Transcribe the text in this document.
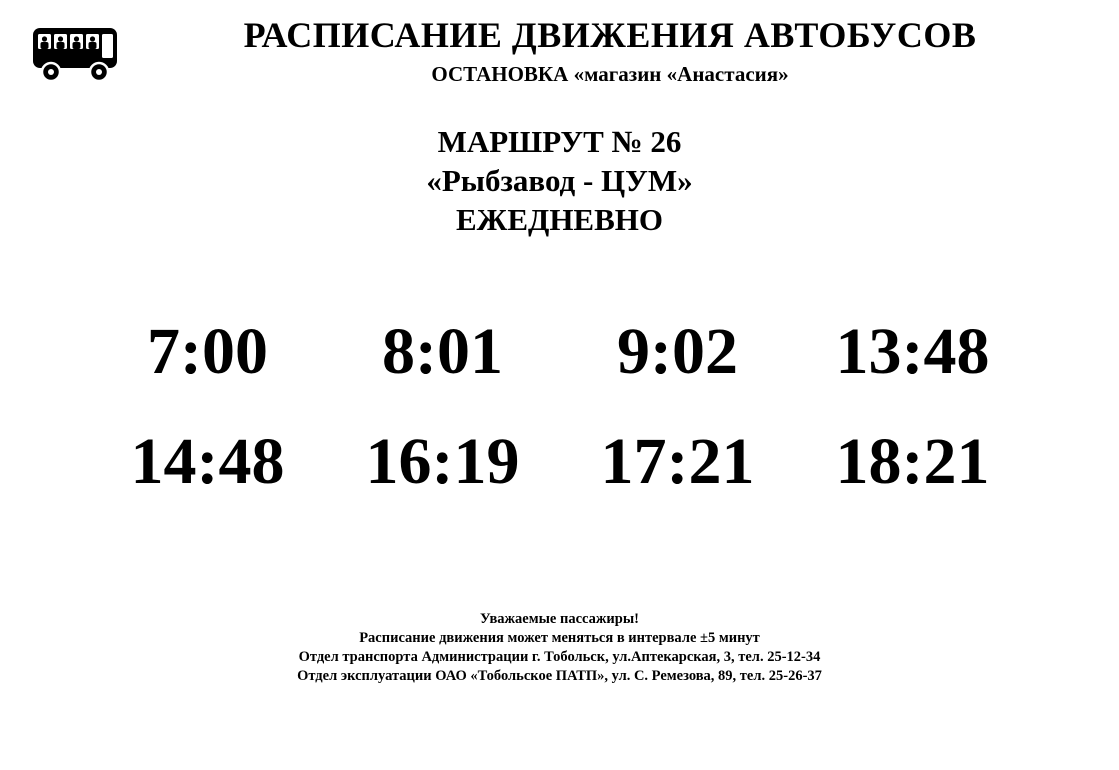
РАСПИСАНИЕ ДВИЖЕНИЯ АВТОБУСОВ
ОСТАНОВКА «магазин «Анастасия»
МАРШРУТ № 26
«Рыбзавод - ЦУМ»
ЕЖЕДНЕВНО
7:00	8:01	9:02	13:48
14:48	16:19	17:21	18:21
Уважаемые пассажиры!
Расписание движения может меняться в интервале ±5 минут
Отдел транспорта Администрации г. Тобольск, ул.Аптекарская, 3, тел. 25-12-34
Отдел эксплуатации ОАО «Тобольское ПАТП», ул. С. Ремезова, 89, тел. 25-26-37
